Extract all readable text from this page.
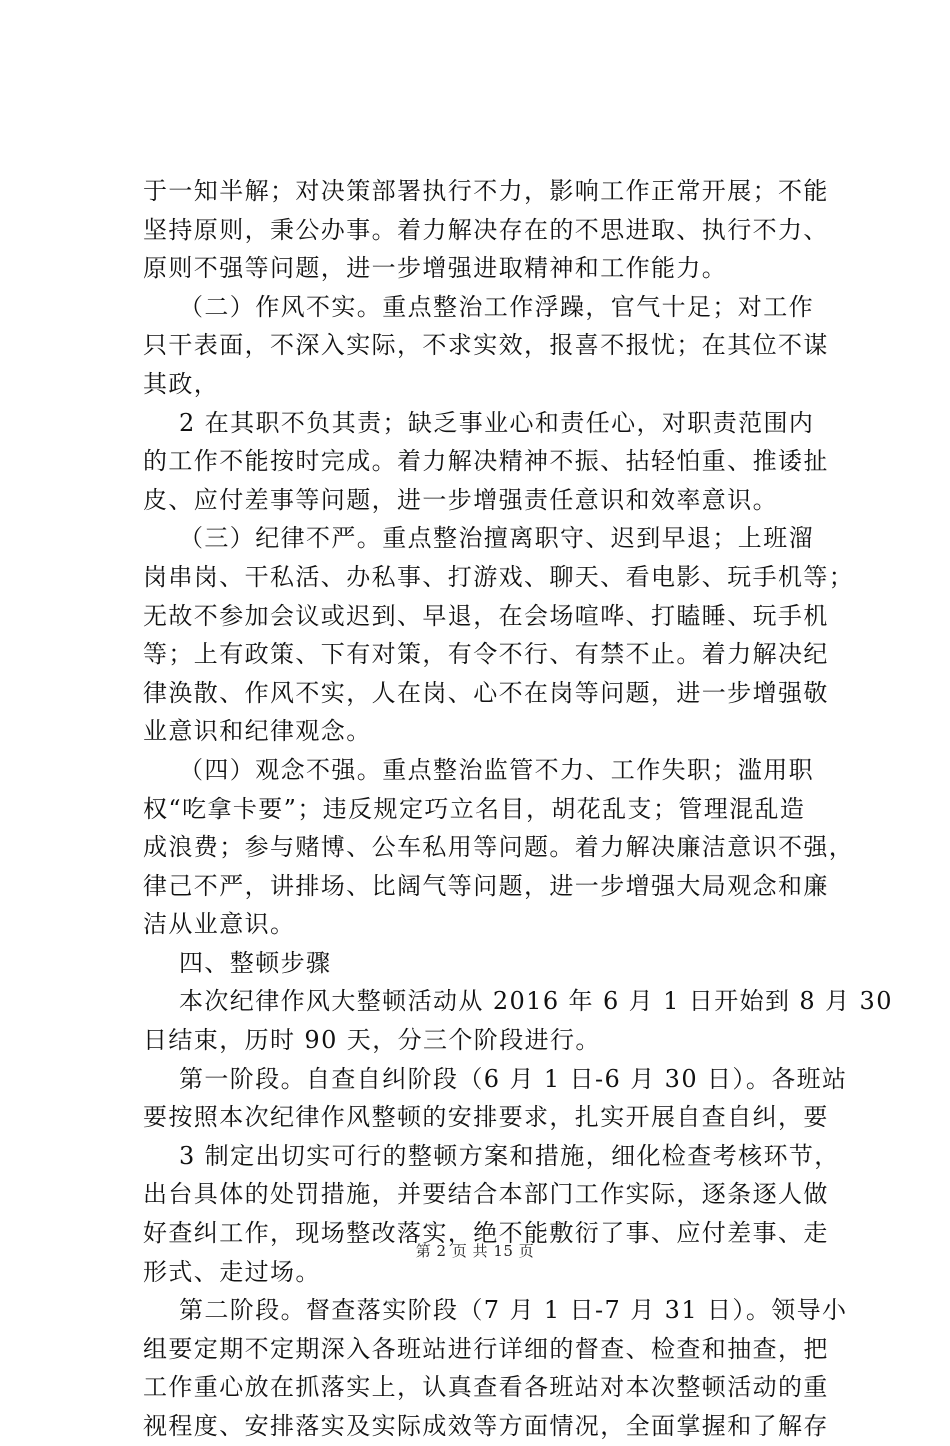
于一知半解；对决策部署执行不力，影响工作正常开展；不能
坚持原则，秉公办事。着力解决存在的不思进取、执行不力、
原则不强等问题，进一步增强进取精神和工作能力。
（二）作风不实。重点整治工作浮躁，官气十足；对工作
只干表面，不深入实际，不求实效，报喜不报忧；在其位不谋
其政，
2 在其职不负其责；缺乏事业心和责任心，对职责范围内
的工作不能按时完成。着力解决精神不振、拈轻怕重、推诿扯
皮、应付差事等问题，进一步增强责任意识和效率意识。
（三）纪律不严。重点整治擅离职守、迟到早退；上班溜
岗串岗、干私活、办私事、打游戏、聊天、看电影、玩手机等；
无故不参加会议或迟到、早退，在会场喧哗、打瞌睡、玩手机
等；上有政策、下有对策，有令不行、有禁不止。着力解决纪
律涣散、作风不实，人在岗、心不在岗等问题，进一步增强敬
业意识和纪律观念。
（四）观念不强。重点整治监管不力、工作失职；滥用职
权“吃拿卡要”；违反规定巧立名目，胡花乱支；管理混乱造
成浪费；参与赌博、公车私用等问题。着力解决廉洁意识不强，
律己不严，讲排场、比阔气等问题，进一步增强大局观念和廉
洁从业意识。
四、整顿步骤
本次纪律作风大整顿活动从 2016 年 6 月 1 日开始到 8 月 30
日结束，历时 90 天，分三个阶段进行。
第一阶段。自查自纠阶段（6 月 1 日-6 月 30 日）。各班站
要按照本次纪律作风整顿的安排要求，扎实开展自查自纠，要
3 制定出切实可行的整顿方案和措施，细化检查考核环节，
出台具体的处罚措施，并要结合本部门工作实际，逐条逐人做
好查纠工作，现场整改落实，绝不能敷衍了事、应付差事、走
形式、走过场。
第二阶段。督查落实阶段（7 月 1 日-7 月 31 日）。领导小
组要定期不定期深入各班站进行详细的督查、检查和抽查，把
工作重心放在抓落实上，认真查看各班站对本次整顿活动的重
视程度、安排落实及实际成效等方面情况，全面掌握和了解存
第 2 页 共 15 页
